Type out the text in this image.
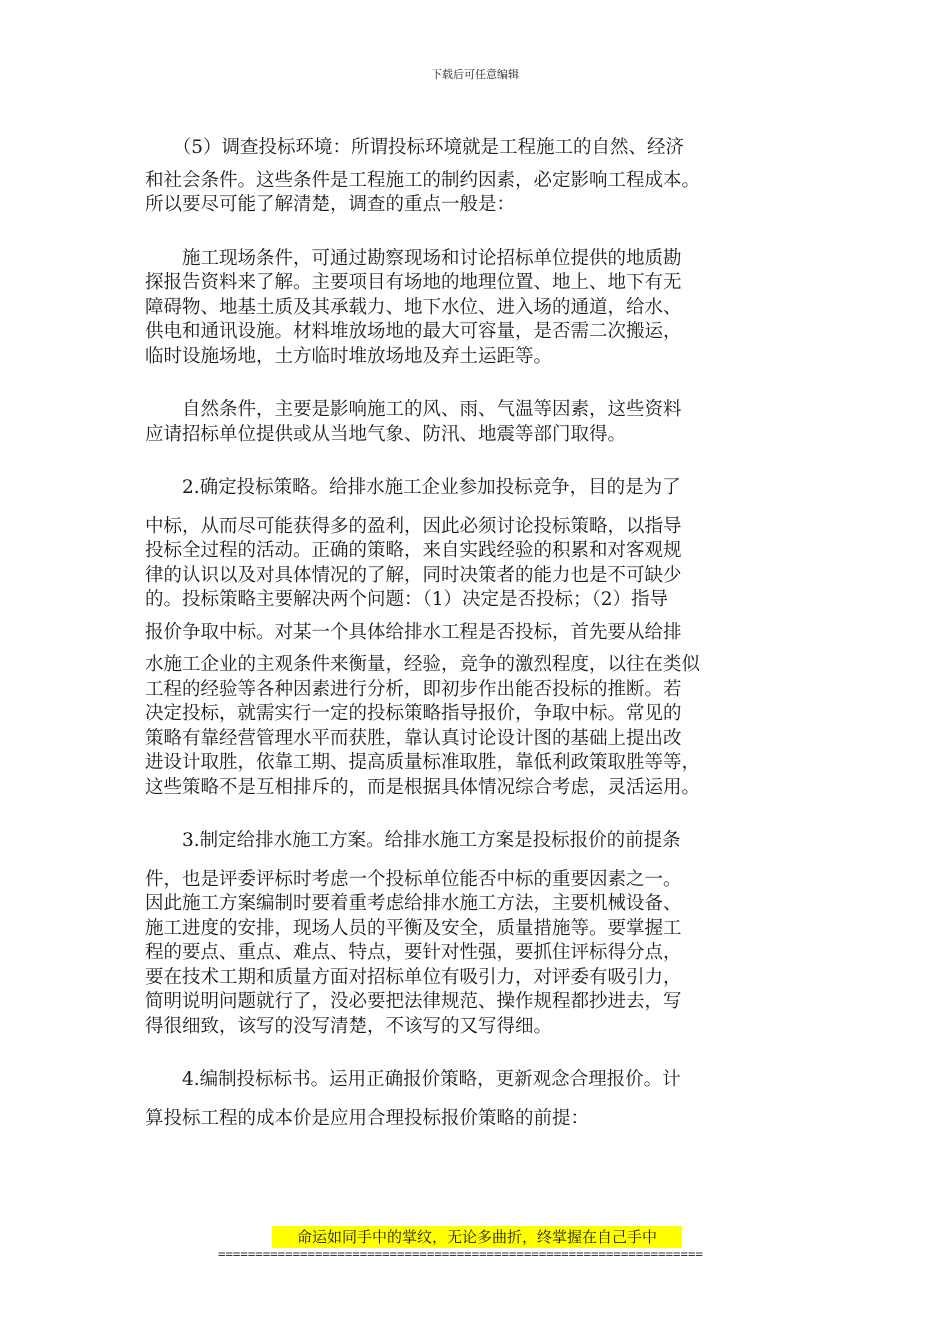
下载后可任意编辑
　　（5）调查投标环境：所谓投标环境就是工程施工的自然、经济
和社会条件。这些条件是工程施工的制约因素，必定影响工程成本。
所以要尽可能了解清楚，调查的重点一般是：
　　施工现场条件，可通过勘察现场和讨论招标单位提供的地质勘
探报告资料来了解。主要项目有场地的地理位置、地上、地下有无
障碍物、地基土质及其承载力、地下水位、进入场的通道，给水、
供电和通讯设施。材料堆放场地的最大可容量，是否需二次搬运，
临时设施场地，土方临时堆放场地及弃土运距等。
　　自然条件，主要是影响施工的风、雨、气温等因素，这些资料
应请招标单位提供或从当地气象、防汛、地震等部门取得。
　　2.确定投标策略。给排水施工企业参加投标竞争，目的是为了
中标，从而尽可能获得多的盈利，因此必须讨论投标策略，以指导
投标全过程的活动。正确的策略，来自实践经验的积累和对客观规
律的认识以及对具体情况的了解，同时决策者的能力也是不可缺少
的。投标策略主要解决两个问题：（1）决定是否投标；（2）指导
报价争取中标。对某一个具体给排水工程是否投标，首先要从给排
水施工企业的主观条件来衡量，经验，竞争的激烈程度，以往在类似
工程的经验等各种因素进行分析，即初步作出能否投标的推断。若
决定投标，就需实行一定的投标策略指导报价，争取中标。常见的
策略有靠经营管理水平而获胜，靠认真讨论设计图的基础上提出改
进设计取胜，依靠工期、提高质量标准取胜，靠低利政策取胜等等，
这些策略不是互相排斥的，而是根据具体情况综合考虑，灵活运用。
　　3.制定给排水施工方案。给排水施工方案是投标报价的前提条
件，也是评委评标时考虑一个投标单位能否中标的重要因素之一。
因此施工方案编制时要着重考虑给排水施工方法，主要机械设备、
施工进度的安排，现场人员的平衡及安全，质量措施等。要掌握工
程的要点、重点、难点、特点，要针对性强，要抓住评标得分点，
要在技术工期和质量方面对招标单位有吸引力，对评委有吸引力，
简明说明问题就行了，没必要把法律规范、操作规程都抄进去，写
得很细致，该写的没写清楚，不该写的又写得细。
　　4.编制投标标书。运用正确报价策略，更新观念合理报价。计
算投标工程的成本价是应用合理投标报价策略的前提：
命运如同手中的掌纹，无论多曲折，终掌握在自己手中
=================================================================
